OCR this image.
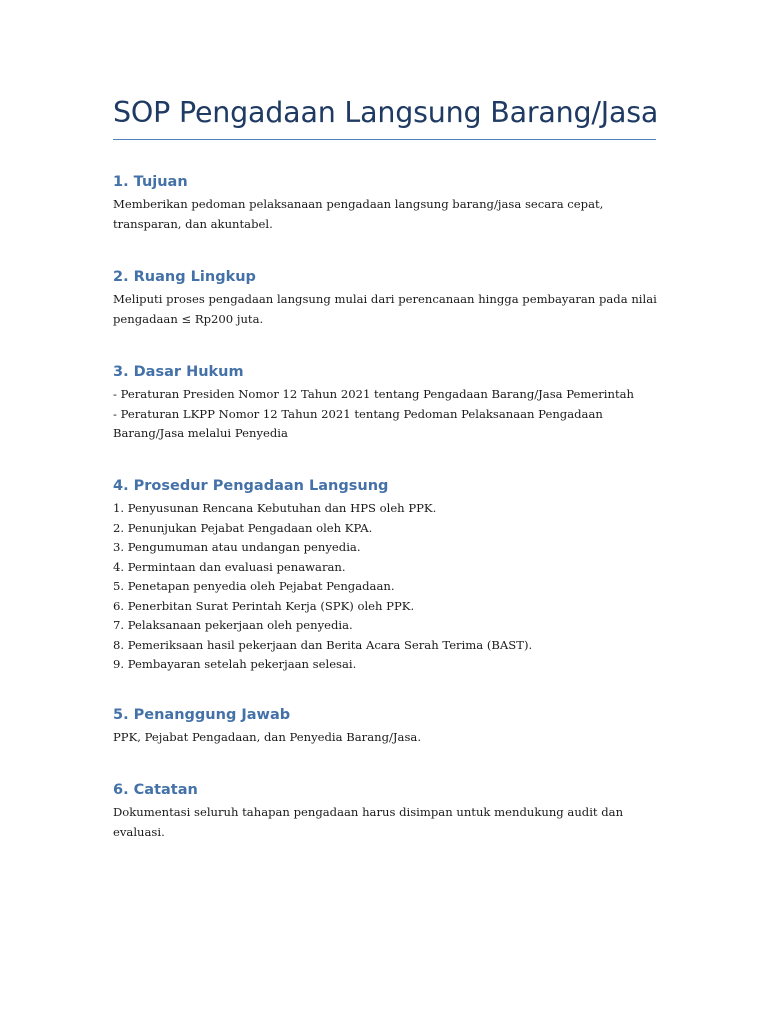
SOP Pengadaan Langsung Barang/Jasa
1. Tujuan
Memberikan pedoman pelaksanaan pengadaan langsung barang/jasa secara cepat,
transparan, dan akuntabel.
2. Ruang Lingkup
Meliputi proses pengadaan langsung mulai dari perencanaan hingga pembayaran pada nilai
pengadaan ≤ Rp200 juta.
3. Dasar Hukum
- Peraturan Presiden Nomor 12 Tahun 2021 tentang Pengadaan Barang/Jasa Pemerintah
- Peraturan LKPP Nomor 12 Tahun 2021 tentang Pedoman Pelaksanaan Pengadaan
Barang/Jasa melalui Penyedia
4. Prosedur Pengadaan Langsung
1. Penyusunan Rencana Kebutuhan dan HPS oleh PPK.
2. Penunjukan Pejabat Pengadaan oleh KPA.
3. Pengumuman atau undangan penyedia.
4. Permintaan dan evaluasi penawaran.
5. Penetapan penyedia oleh Pejabat Pengadaan.
6. Penerbitan Surat Perintah Kerja (SPK) oleh PPK.
7. Pelaksanaan pekerjaan oleh penyedia.
8. Pemeriksaan hasil pekerjaan dan Berita Acara Serah Terima (BAST).
9. Pembayaran setelah pekerjaan selesai.
5. Penanggung Jawab
PPK, Pejabat Pengadaan, dan Penyedia Barang/Jasa.
6. Catatan
Dokumentasi seluruh tahapan pengadaan harus disimpan untuk mendukung audit dan
evaluasi.
